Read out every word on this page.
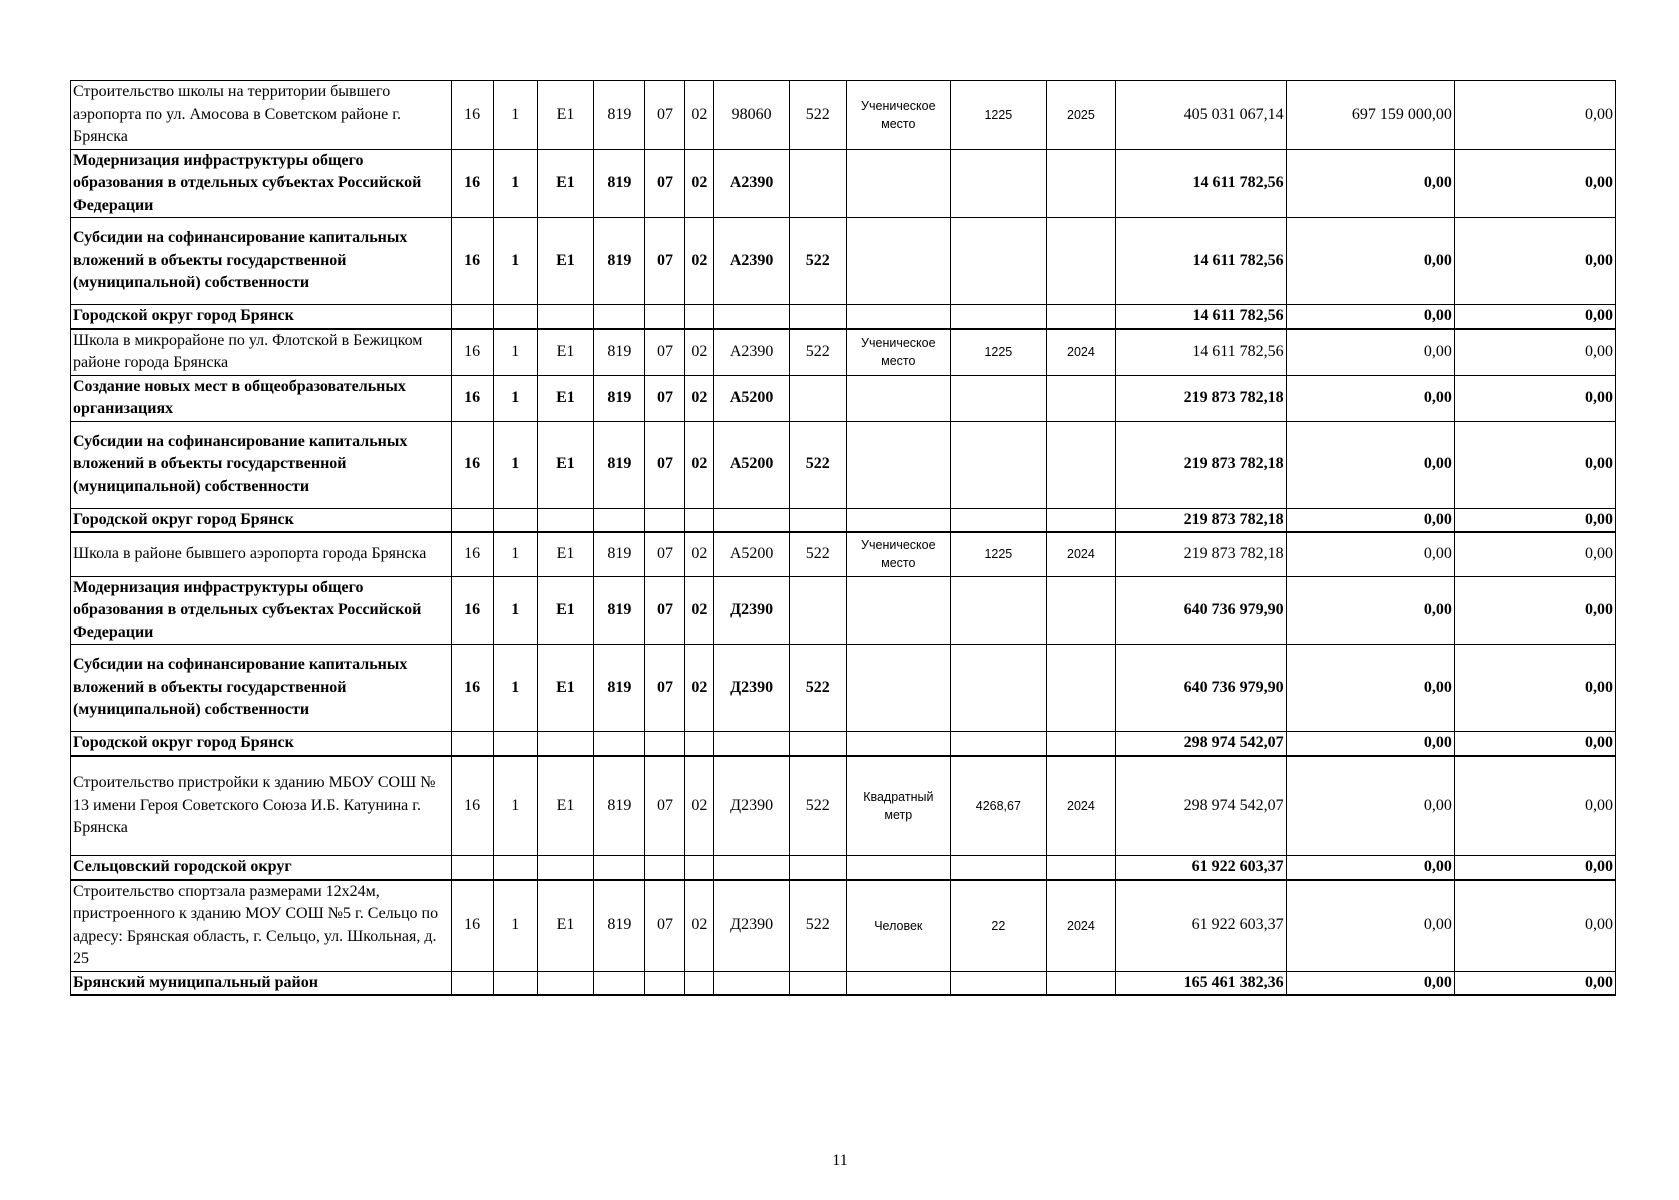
Строительство школы на территории бывшего аэропорта по ул. Амосова в Советском районе г. Брянска	16	1	E1	819	07	02	98060	522	Ученическое место	1225	2025	405 031 067,14	697 159 000,00	0,00
Модернизация инфраструктуры общего образования в отдельных субъектах Российской Федерации	16	1	E1	819	07	02	A2390					14 611 782,56	0,00	0,00
Субсидии на софинансирование капитальных вложений в объекты государственной (муниципальной) собственности	16	1	E1	819	07	02	A2390	522				14 611 782,56	0,00	0,00
Городской округ город Брянск												14 611 782,56	0,00	0,00
Школа в микрорайоне по ул. Флотской в Бежицком районе города Брянска	16	1	E1	819	07	02	A2390	522	Ученическое место	1225	2024	14 611 782,56	0,00	0,00
Создание новых мест в общеобразовательных организациях	16	1	E1	819	07	02	A5200					219 873 782,18	0,00	0,00
Субсидии на софинансирование капитальных вложений в объекты государственной (муниципальной) собственности	16	1	E1	819	07	02	A5200	522				219 873 782,18	0,00	0,00
Городской округ город Брянск												219 873 782,18	0,00	0,00
Школа в районе бывшего аэропорта города Брянска	16	1	E1	819	07	02	A5200	522	Ученическое место	1225	2024	219 873 782,18	0,00	0,00
Модернизация инфраструктуры общего образования в отдельных субъектах Российской Федерации	16	1	E1	819	07	02	Д2390					640 736 979,90	0,00	0,00
Субсидии на софинансирование капитальных вложений в объекты государственной (муниципальной) собственности	16	1	E1	819	07	02	Д2390	522				640 736 979,90	0,00	0,00
Городской округ город Брянск												298 974 542,07	0,00	0,00
Строительство пристройки к зданию МБОУ СОШ № 13 имени Героя Советского Союза И.Б. Катунина г. Брянска	16	1	E1	819	07	02	Д2390	522	Квадратный метр	4268,67	2024	298 974 542,07	0,00	0,00
Сельцовский городской округ												61 922 603,37	0,00	0,00
Строительство спортзала размерами 12х24м, пристроенного к зданию МОУ СОШ №5 г. Сельцо по адресу: Брянская область, г. Сельцо, ул. Школьная, д. 25	16	1	E1	819	07	02	Д2390	522	Человек	22	2024	61 922 603,37	0,00	0,00
Брянский муниципальный район												165 461 382,36	0,00	0,00
11
